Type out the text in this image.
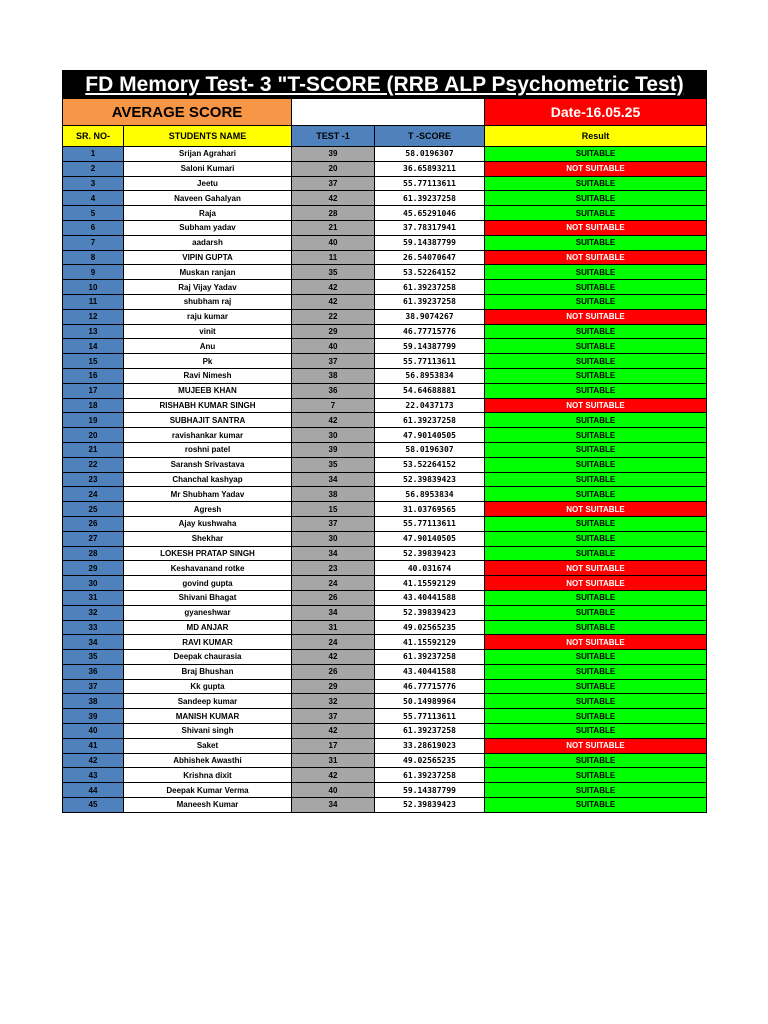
FD Memory Test- 3 "T-SCORE (RRB ALP Psychometric Test)				
AVERAGE SCORE				Date-16.05.25
SR. NO-	STUDENTS NAME	TEST -1	T -SCORE	Result
1	Srijan Agrahari	39	58.0196307	SUITABLE
2	Saloni Kumari	20	36.65893211	NOT SUITABLE
3	Jeetu	37	55.77113611	SUITABLE
4	Naveen Gahalyan	42	61.39237258	SUITABLE
5	Raja	28	45.65291046	SUITABLE
6	Subham yadav	21	37.78317941	NOT SUITABLE
7	aadarsh	40	59.14387799	SUITABLE
8	VIPIN GUPTA	11	26.54070647	NOT SUITABLE
9	Muskan ranjan	35	53.52264152	SUITABLE
10	Raj Vijay Yadav	42	61.39237258	SUITABLE
11	shubham raj	42	61.39237258	SUITABLE
12	raju kumar	22	38.9074267	NOT SUITABLE
13	vinit	29	46.77715776	SUITABLE
14	Anu	40	59.14387799	SUITABLE
15	Pk	37	55.77113611	SUITABLE
16	Ravi Nimesh	38	56.8953834	SUITABLE
17	MUJEEB KHAN	36	54.64688881	SUITABLE
18	RISHABH KUMAR SINGH	7	22.0437173	NOT SUITABLE
19	SUBHAJIT SANTRA	42	61.39237258	SUITABLE
20	ravishankar kumar	30	47.90140505	SUITABLE
21	roshni patel	39	58.0196307	SUITABLE
22	Saransh Srivastava	35	53.52264152	SUITABLE
23	Chanchal kashyap	34	52.39839423	SUITABLE
24	Mr Shubham Yadav	38	56.8953834	SUITABLE
25	Agresh	15	31.03769565	NOT SUITABLE
26	Ajay kushwaha	37	55.77113611	SUITABLE
27	Shekhar	30	47.90140505	SUITABLE
28	LOKESH PRATAP SINGH	34	52.39839423	SUITABLE
29	Keshavanand rotke	23	40.031674	NOT SUITABLE
30	govind gupta	24	41.15592129	NOT SUITABLE
31	Shivani Bhagat	26	43.40441588	SUITABLE
32	gyaneshwar	34	52.39839423	SUITABLE
33	MD ANJAR	31	49.02565235	SUITABLE
34	RAVI KUMAR	24	41.15592129	NOT SUITABLE
35	Deepak chaurasia	42	61.39237258	SUITABLE
36	Braj Bhushan	26	43.40441588	SUITABLE
37	Kk gupta	29	46.77715776	SUITABLE
38	Sandeep kumar	32	50.14989964	SUITABLE
39	MANISH KUMAR	37	55.77113611	SUITABLE
40	Shivani singh	42	61.39237258	SUITABLE
41	Saket	17	33.28619023	NOT SUITABLE
42	Abhishek Awasthi	31	49.02565235	SUITABLE
43	Krishna dixit	42	61.39237258	SUITABLE
44	Deepak Kumar Verma	40	59.14387799	SUITABLE
45	Maneesh Kumar	34	52.39839423	SUITABLE
